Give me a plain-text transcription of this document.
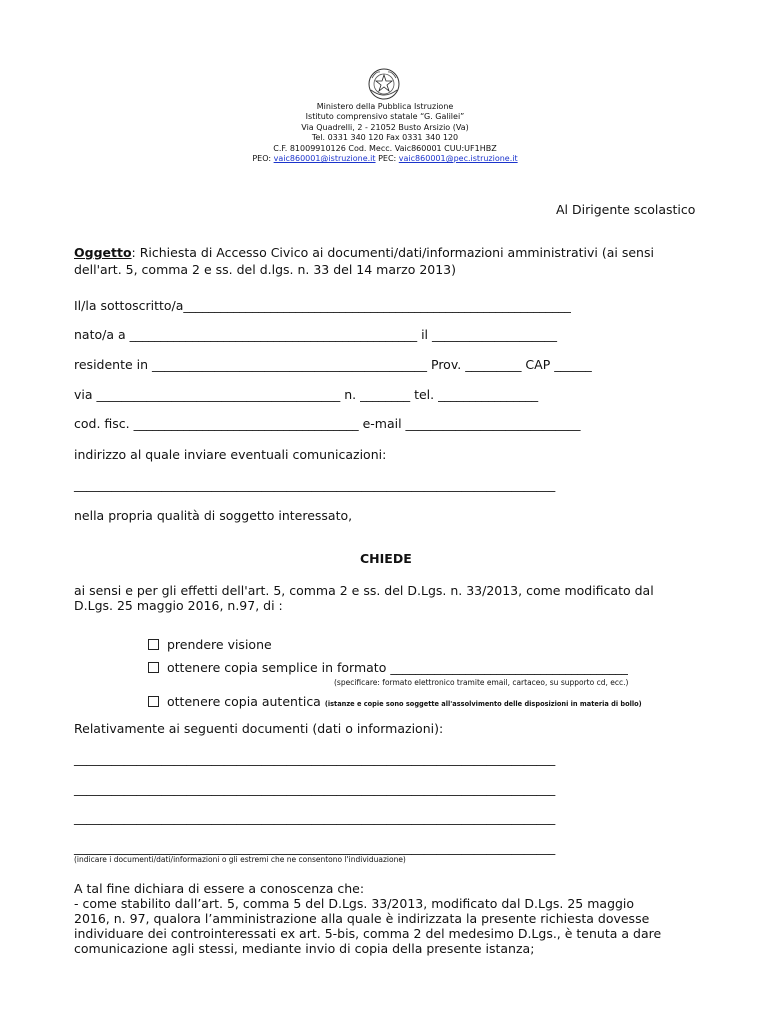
Ministero della Pubblica Istruzione
Istituto comprensivo statale “G. Galilei”
Via Quadrelli, 2 - 21052 Busto Arsizio (Va)
Tel. 0331 340 120 Fax 0331 340 120
C.F. 81009910126 Cod. Mecc. Vaic860001 CUU:UF1HBZ
PEO: vaic860001@istruzione.it PEC: vaic860001@pec.istruzione.it
Al Dirigente scolastico
Oggetto: Richiesta di Accesso Civico ai documenti/dati/informazioni amministrativi (ai sensi
dell'art. 5, comma 2 e ss. del d.lgs. n. 33 del 14 marzo 2013)
Il/la sottoscritto/a______________________________________________________________
nato/a a ______________________________________________ il ____________________
residente in ____________________________________________ Prov. _________ CAP ______
via _______________________________________ n. ________ tel. ________________
cod. fisc. ____________________________________ e-mail ____________________________
indirizzo al quale inviare eventuali comunicazioni:
_____________________________________________________________________________
nella propria qualità di soggetto interessato,
CHIEDE
ai sensi e per gli effetti dell'art. 5, comma 2 e ss. del D.Lgs. n. 33/2013, come modificato dal
D.Lgs. 25 maggio 2016, n.97, di :
prendere visione
ottenere copia semplice in formato ______________________________________
(specificare: formato elettronico tramite email, cartaceo, su supporto cd, ecc.)
ottenere copia autentica (istanze e copie sono soggette all'assolvimento delle disposizioni in materia di bollo)
Relativamente ai seguenti documenti (dati o informazioni):
_____________________________________________________________________________
_____________________________________________________________________________
_____________________________________________________________________________
_____________________________________________________________________________
(indicare i documenti/dati/informazioni o gli estremi che ne consentono l'individuazione)
A tal fine dichiara di essere a conoscenza che:
- come stabilito dall’art. 5, comma 5 del D.Lgs. 33/2013, modificato dal D.Lgs. 25 maggio
2016, n. 97, qualora l’amministrazione alla quale è indirizzata la presente richiesta dovesse
individuare dei controinteressati ex art. 5-bis, comma 2 del medesimo D.Lgs., è tenuta a dare
comunicazione agli stessi, mediante invio di copia della presente istanza;
